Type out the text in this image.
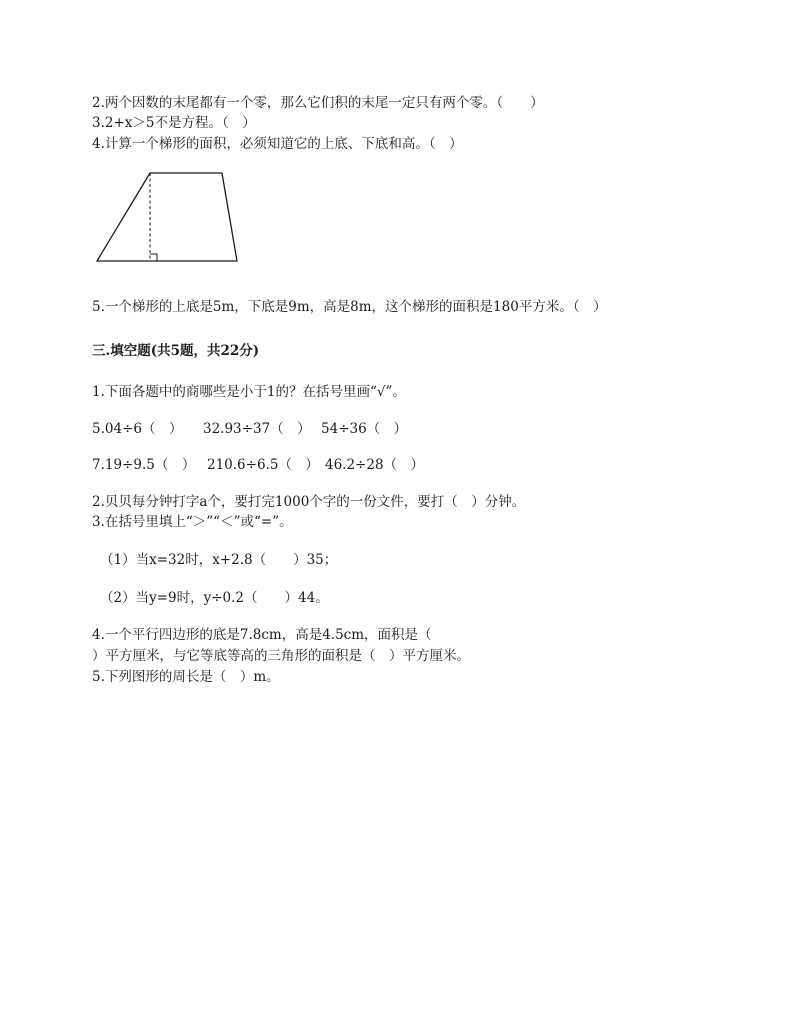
2.两个因数的末尾都有一个零，那么它们积的末尾一定只有两个零。（　　）
3.2+x＞5不是方程。（　）
4.计算一个梯形的面积，必须知道它的上底、下底和高。（　）
5.一个梯形的上底是5m，下底是9m，高是8m，这个梯形的面积是180平方米。（　）
三.填空题(共5题，共22分)
1.下面各题中的商哪些是小于1的？在括号里画“√”。
5.04÷6（　） 32.93÷37（　） 54÷36（　）
7.19÷9.5（　） 210.6÷6.5（　） 46.2÷28（　）
2.贝贝每分钟打字a个，要打完1000个字的一份文件，要打（　）分钟。
3.在括号里填上“＞”“＜”或“=”。
（1）当x=32时，x+2.8（　　）35；
（2）当y=9时，y÷0.2（　　）44。
4.一个平行四边形的底是7.8cm，高是4.5cm，面积是（
）平方厘米，与它等底等高的三角形的面积是（　）平方厘米。
5.下列图形的周长是（　）m。
